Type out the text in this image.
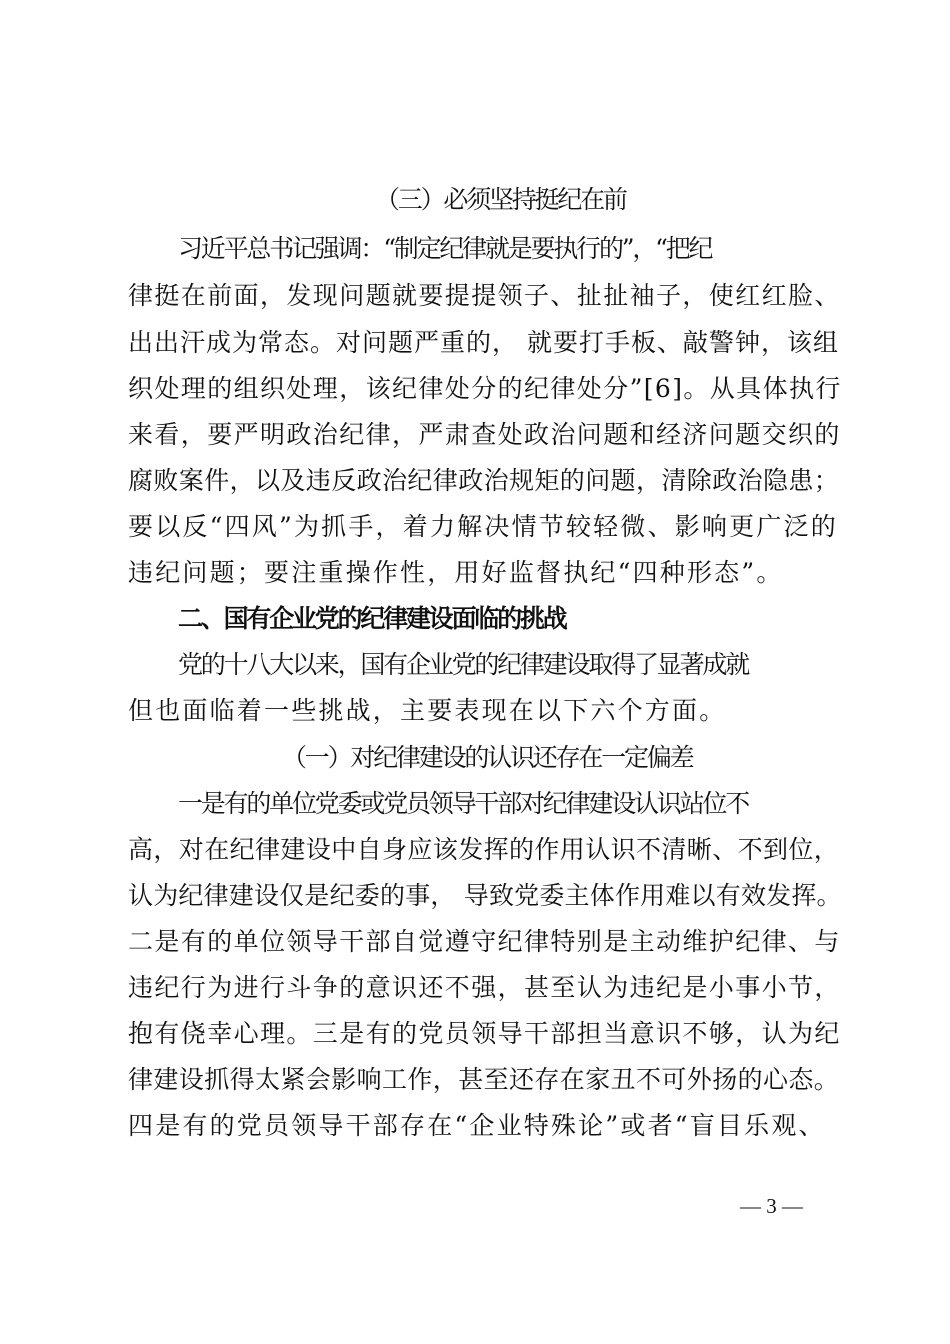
（三）必须坚持挺纪在前
习近平总书记强调：“制定纪律就是要执行的”，“把纪
律挺在前面，发现问题就要提提领子、扯扯袖子，使红红脸、
出出汗成为常态。对问题严重的， 就要打手板、敲警钟，该组
织处理的组织处理，该纪律处分的纪律处分”[6]。从具体执行
来看，要严明政治纪律，严肃查处政治问题和经济问题交织的
腐败案件，以及违反政治纪律政治规矩的问题，清除政治隐患；
要以反“四风”为抓手，着力解决情节较轻微、影响更广泛的
违纪问题；要注重操作性，用好监督执纪“四种形态”。
二、国有企业党的纪律建设面临的挑战
党的十八大以来，国有企业党的纪律建设取得了显著成就
但也面临着一些挑战，主要表现在以下六个方面。
（一）对纪律建设的认识还存在一定偏差
一是有的单位党委或党员领导干部对纪律建设认识站位不
高，对在纪律建设中自身应该发挥的作用认识不清晰、不到位，
认为纪律建设仅是纪委的事， 导致党委主体作用难以有效发挥。
二是有的单位领导干部自觉遵守纪律特别是主动维护纪律、与
违纪行为进行斗争的意识还不强，甚至认为违纪是小事小节，
抱有侥幸心理。三是有的党员领导干部担当意识不够，认为纪
律建设抓得太紧会影响工作，甚至还存在家丑不可外扬的心态。
四是有的党员领导干部存在“企业特殊论”或者“盲目乐观、
— 3 —
